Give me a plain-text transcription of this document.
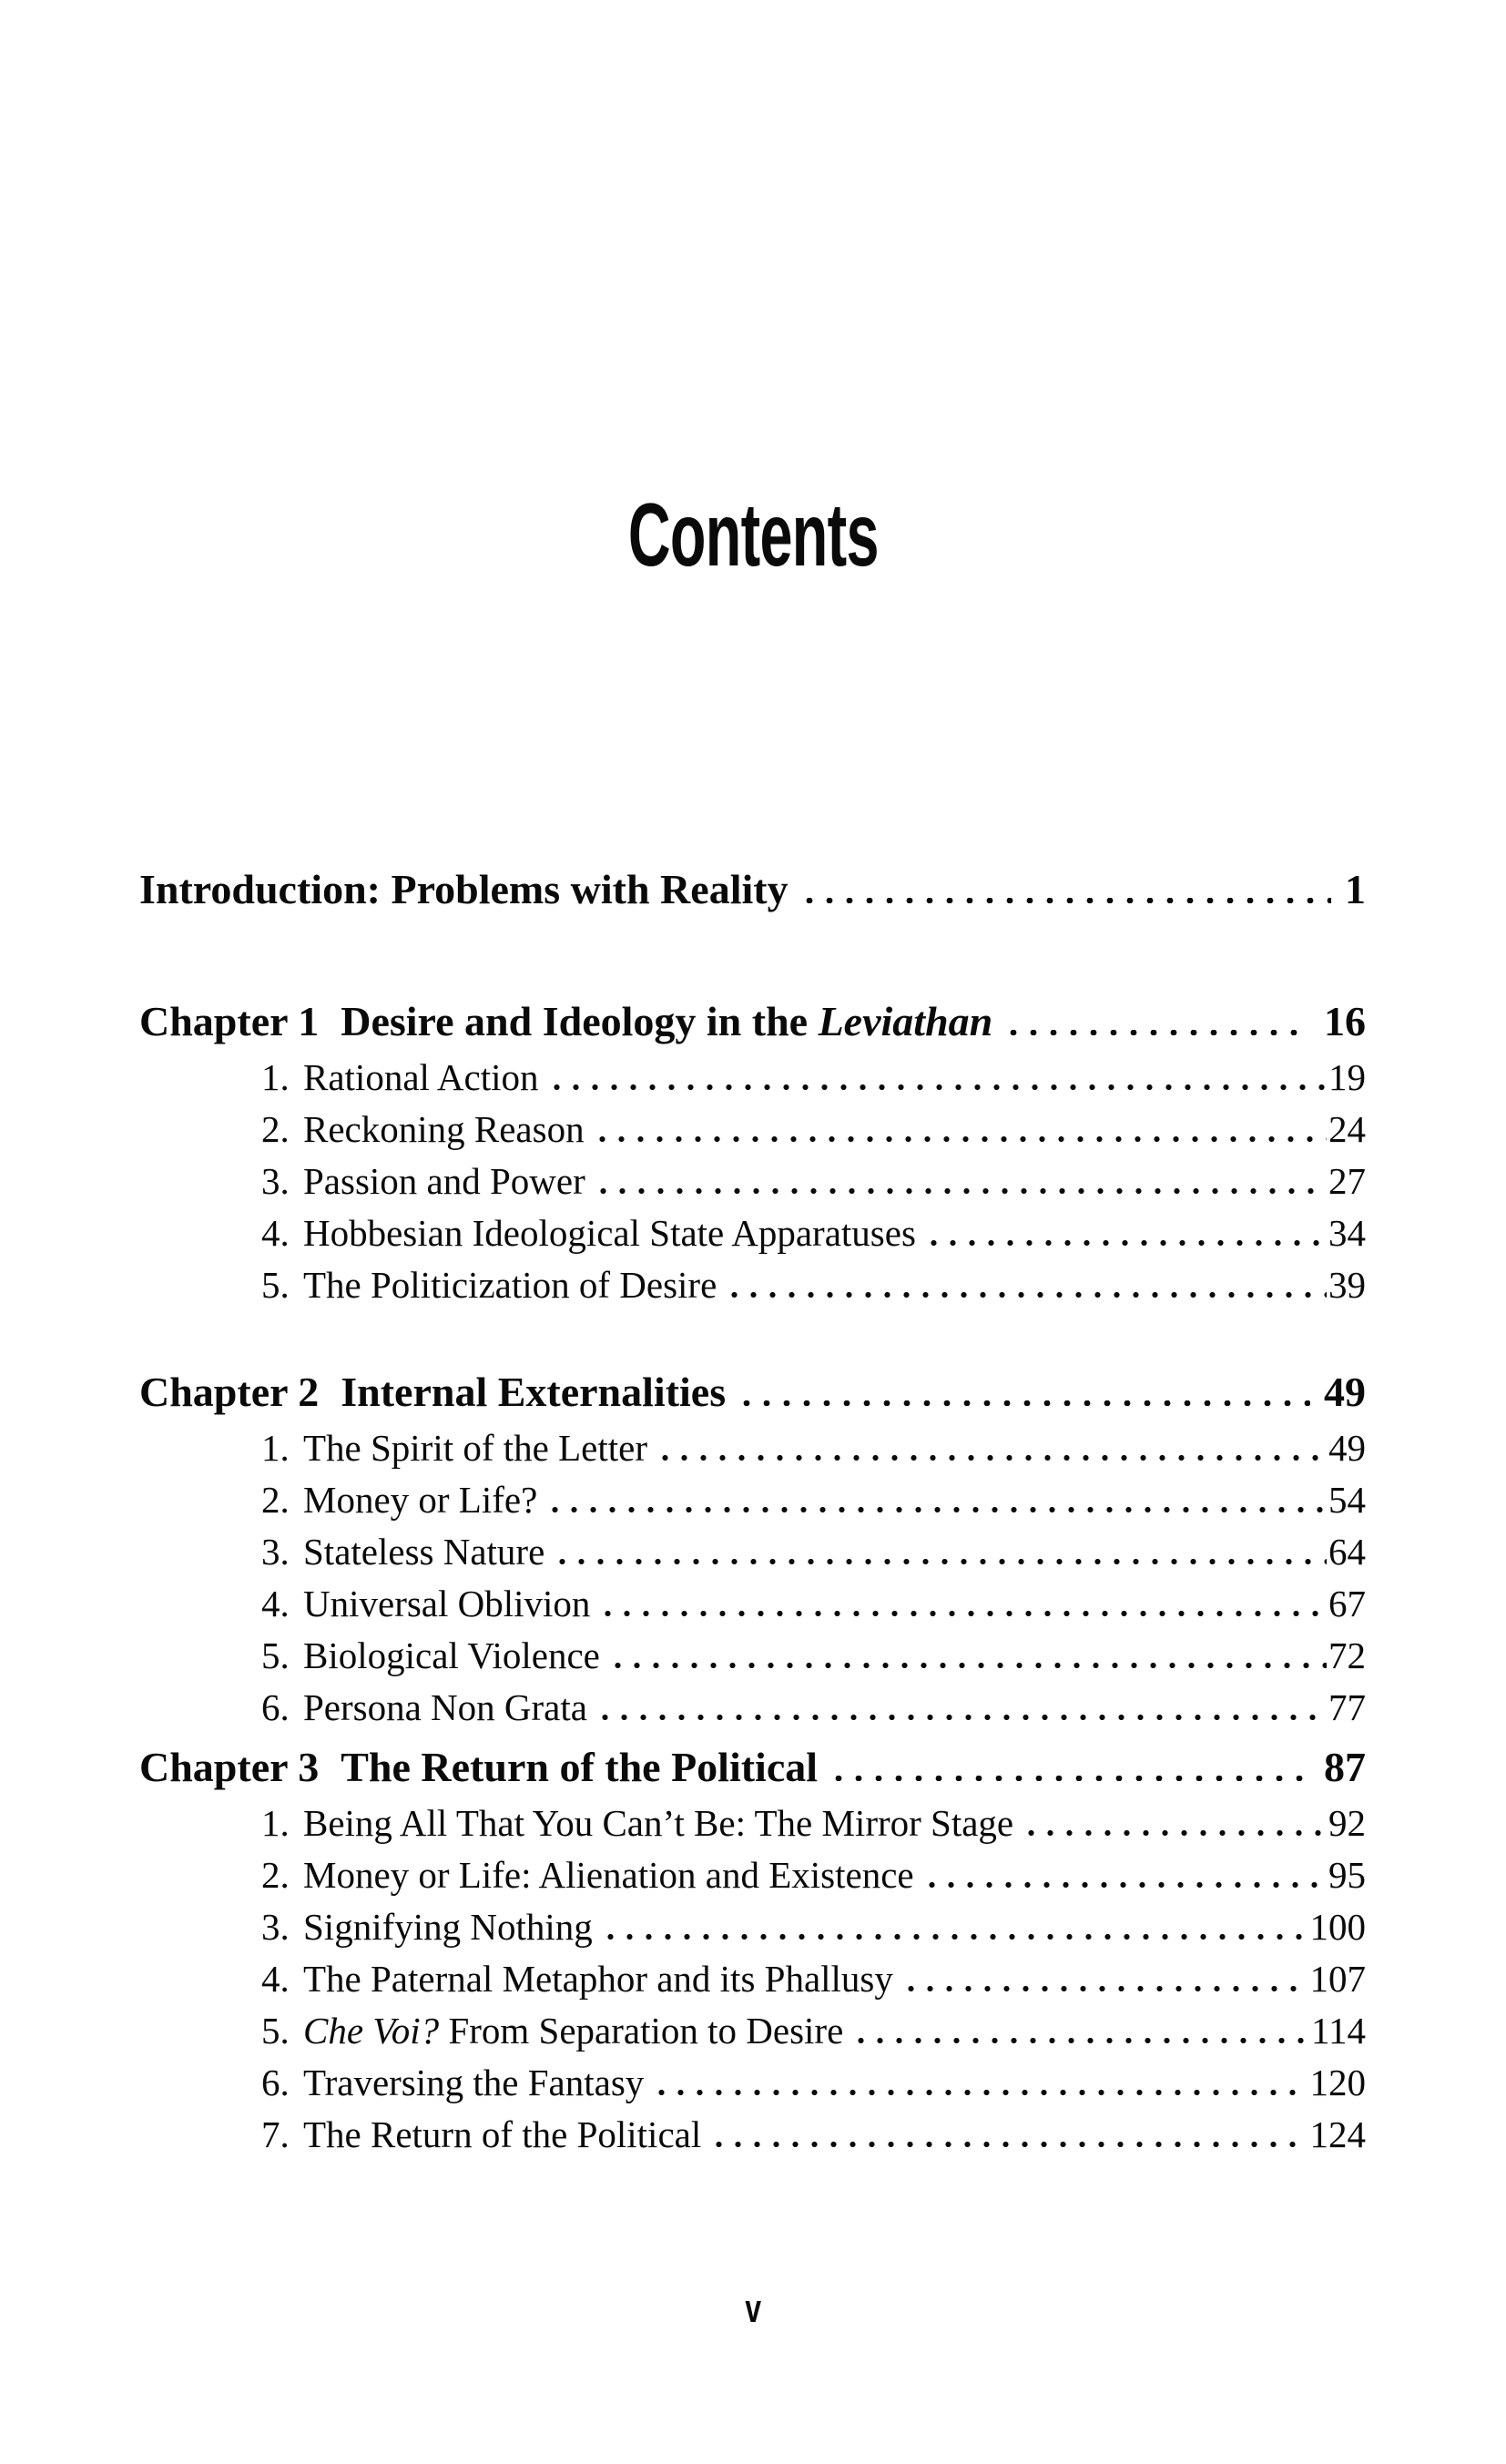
Contents
Introduction: Problems with Reality	1
Chapter 1 Desire and Ideology in the Leviathan	16
1. Rational Action	19
2. Reckoning Reason	24
3. Passion and Power	27
4. Hobbesian Ideological State Apparatuses	34
5. The Politicization of Desire	39
Chapter 2 Internal Externalities	49
1. The Spirit of the Letter	49
2. Money or Life?	54
3. Stateless Nature	64
4. Universal Oblivion	67
5. Biological Violence	72
6. Persona Non Grata	77
Chapter 3 The Return of the Political	87
1. Being All That You Can’t Be: The Mirror Stage	92
2. Money or Life: Alienation and Existence	95
3. Signifying Nothing	100
4. The Paternal Metaphor and its Phallusy	107
5. Che Voi? From Separation to Desire	114
6. Traversing the Fantasy	120
7. The Return of the Political	124
v
